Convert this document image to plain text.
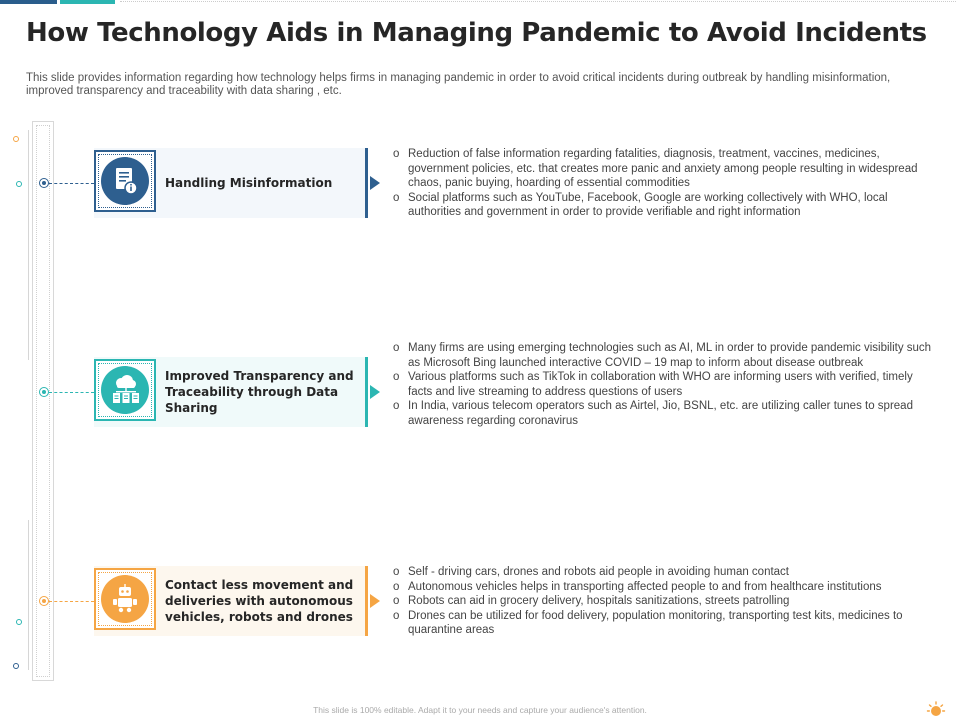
How Technology Aids in Managing Pandemic to Avoid Incidents
This slide provides information regarding how technology helps firms in managing pandemic in order to avoid critical incidents during outbreak by handling misinformation, improved transparency and traceability with data sharing , etc.
Handling Misinformation
o Reduction of false information regarding fatalities, diagnosis, treatment, vaccines, medicines, government policies, etc. that creates more panic and anxiety among people resulting in widespread chaos, panic buying, hoarding of essential commodities
o Social platforms such as YouTube, Facebook, Google are working collectively with WHO, local authorities and government in order to provide verifiable and right information
Improved Transparency and Traceability through Data Sharing
o Many firms are using emerging technologies such as AI, ML in order to provide pandemic visibility such as Microsoft Bing launched interactive COVID – 19 map to inform about disease outbreak
o Various platforms such as TikTok in collaboration with WHO are informing users with verified, timely facts and live streaming to address questions of users
o In India, various telecom operators such as Airtel, Jio, BSNL, etc. are utilizing caller tunes to spread awareness regarding coronavirus
Contact less movement and deliveries with autonomous vehicles, robots and drones
o Self - driving cars, drones and robots aid people in avoiding human contact
o Autonomous vehicles helps in transporting affected people to and from healthcare institutions
o Robots can aid in grocery delivery, hospitals sanitizations, streets patrolling
o Drones can be utilized for food delivery, population monitoring, transporting test kits, medicines to quarantine areas
This slide is 100% editable. Adapt it to your needs and capture your audience's attention.
